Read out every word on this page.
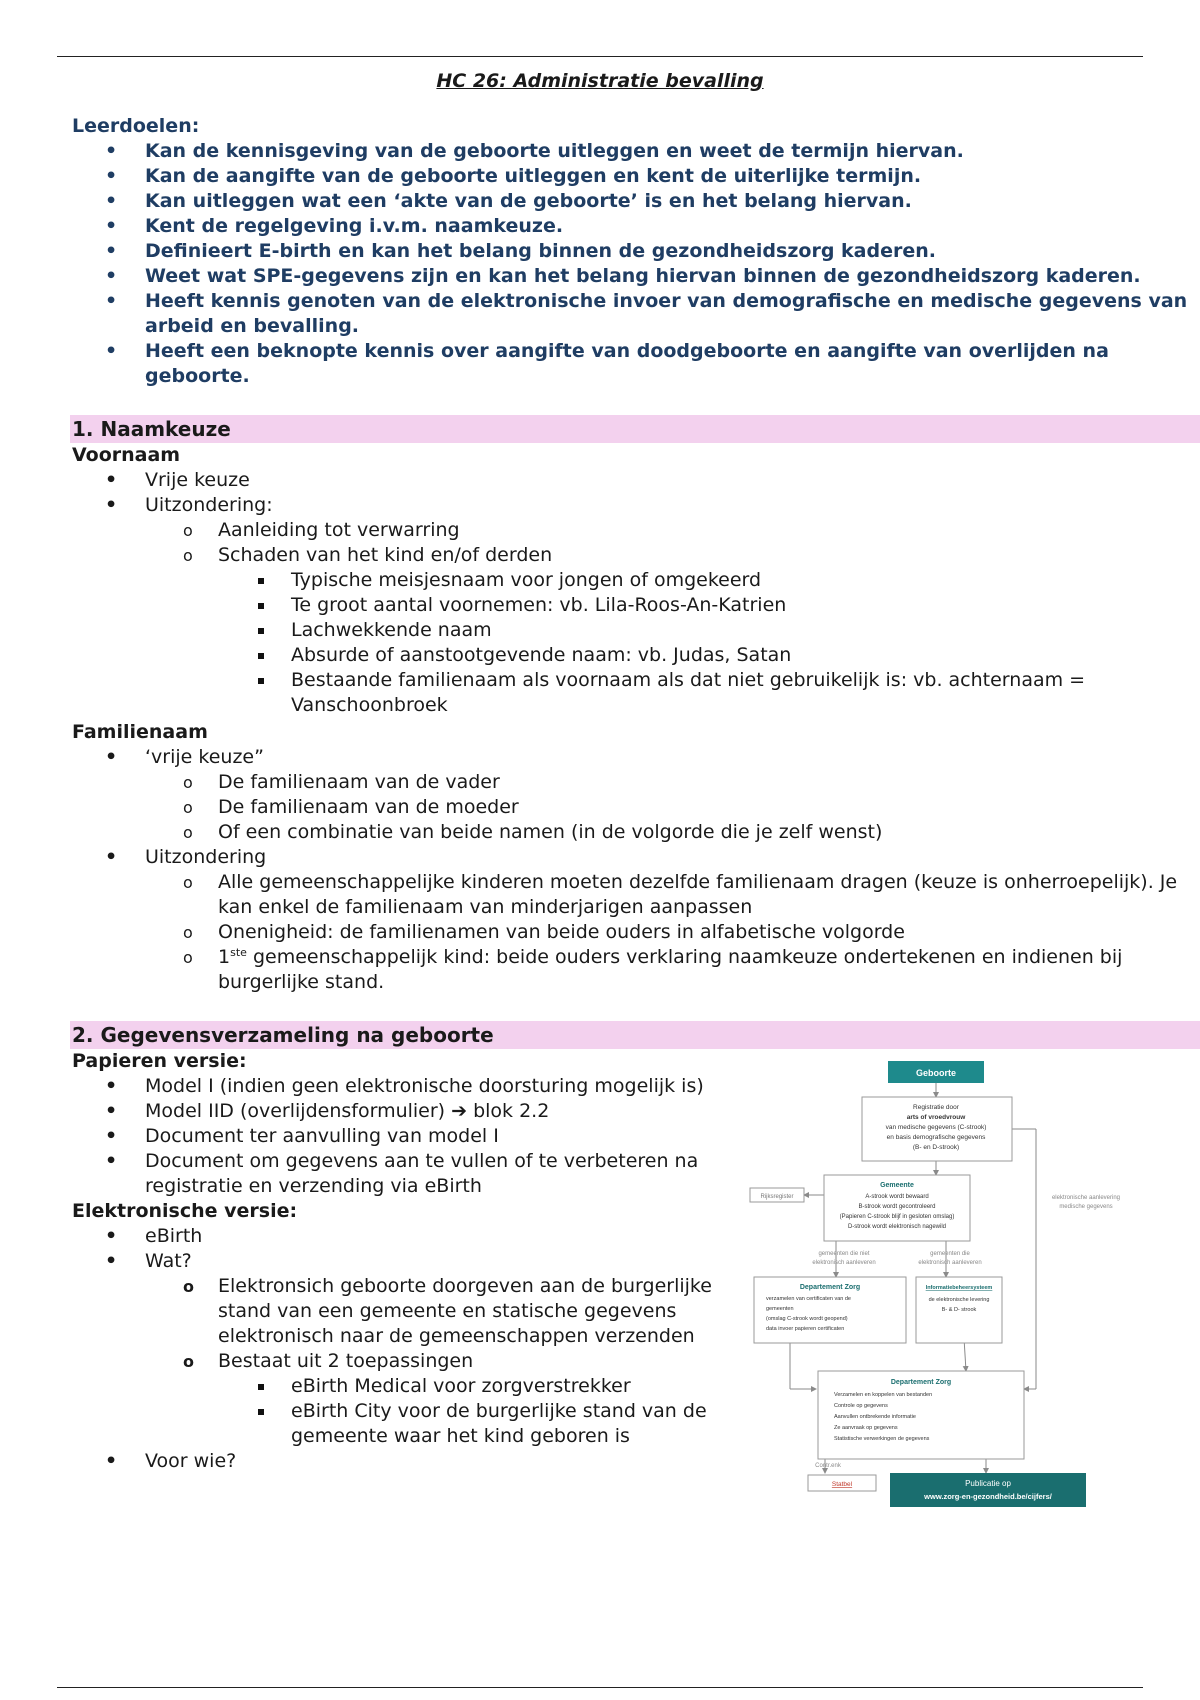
HC 26: Administratie bevalling
Leerdoelen:
• Kan de kennisgeving van de geboorte uitleggen en weet de termijn hiervan.
• Kan de aangifte van de geboorte uitleggen en kent de uiterlijke termijn.
• Kan uitleggen wat een ‘akte van de geboorte’ is en het belang hiervan.
• Kent de regelgeving i.v.m. naamkeuze.
• Definieert E-birth en kan het belang binnen de gezondheidszorg kaderen.
• Weet wat SPE-gegevens zijn en kan het belang hiervan binnen de gezondheidszorg kaderen.
• Heeft kennis genoten van de elektronische invoer van demografische en medische gegevens van arbeid en bevalling.
• Heeft een beknopte kennis over aangifte van doodgeboorte en aangifte van overlijden na geboorte.
1. Naamkeuze
Voornaam
• Vrije keuze
• Uitzondering:
o Aanleiding tot verwarring
o Schaden van het kind en/of derden
Typische meisjesnaam voor jongen of omgekeerd
Te groot aantal voornemen: vb. Lila-Roos-An-Katrien
Lachwekkende naam
Absurde of aanstootgevende naam: vb. Judas, Satan
Bestaande familienaam als voornaam als dat niet gebruikelijk is: vb. achternaam = Vanschoonbroek
Familienaam
• ‘vrije keuze”
o De familienaam van de vader
o De familienaam van de moeder
o Of een combinatie van beide namen (in de volgorde die je zelf wenst)
• Uitzondering
o Alle gemeenschappelijke kinderen moeten dezelfde familienaam dragen (keuze is onherroepelijk). Je kan enkel de familienaam van minderjarigen aanpassen
o Onenigheid: de familienamen van beide ouders in alfabetische volgorde
o 1ste gemeenschappelijk kind: beide ouders verklaring naamkeuze ondertekenen en indienen bij burgerlijke stand.
2. Gegevensverzameling na geboorte
Papieren versie:
• Model I (indien geen elektronische doorsturing mogelijk is)
• Model IID (overlijdensformulier) ➔ blok 2.2
• Document ter aanvulling van model I
• Document om gegevens aan te vullen of te verbeteren na registratie en verzending via eBirth
Elektronische versie:
• eBirth
• Wat?
o Elektronsich geboorte doorgeven aan de burgerlijke stand van een gemeente en statische gegevens elektronisch naar de gemeenschappen verzenden
o Bestaat uit 2 toepassingen
eBirth Medical voor zorgverstrekker
eBirth City voor de burgerlijke stand van de gemeente waar het kind geboren is
• Voor wie?
Geboorte
Registratie door
arts of vroedvrouw
van medische gegevens (C-strook)
en basis demografische gegevens
(B- en D-strook)
Gemeente
A-strook wordt bewaard
B-strook wordt gecontroleerd
(Papieren C-strook blijf in gesloten omslag)
D-strook wordt elektronisch nagewild
Rijksregister	elektronische aanlevering
medische gegevens
gemeenten die niet
elektronisch aanleveren
gemeenten die
elektronisch aanleveren
Departement Zorg
verzamelen van certificaten van de
gemeenten
(omslag C-strook wordt geopend)
data invoer papieren certificaten
Informatiebeheersysteem
de elektronische levering
B- & D- strook
Departement Zorg
Verzamelen en koppelen van bestanden
Controle op gegevens
Aanvullen ontbrekende informatie
Ze aanvraak op gegevens
Statistische verwerkingen de gegevens
Contr.enk
Statbel	Publicatie op
www.zorg-en-gezondheid.be/cijfers/
